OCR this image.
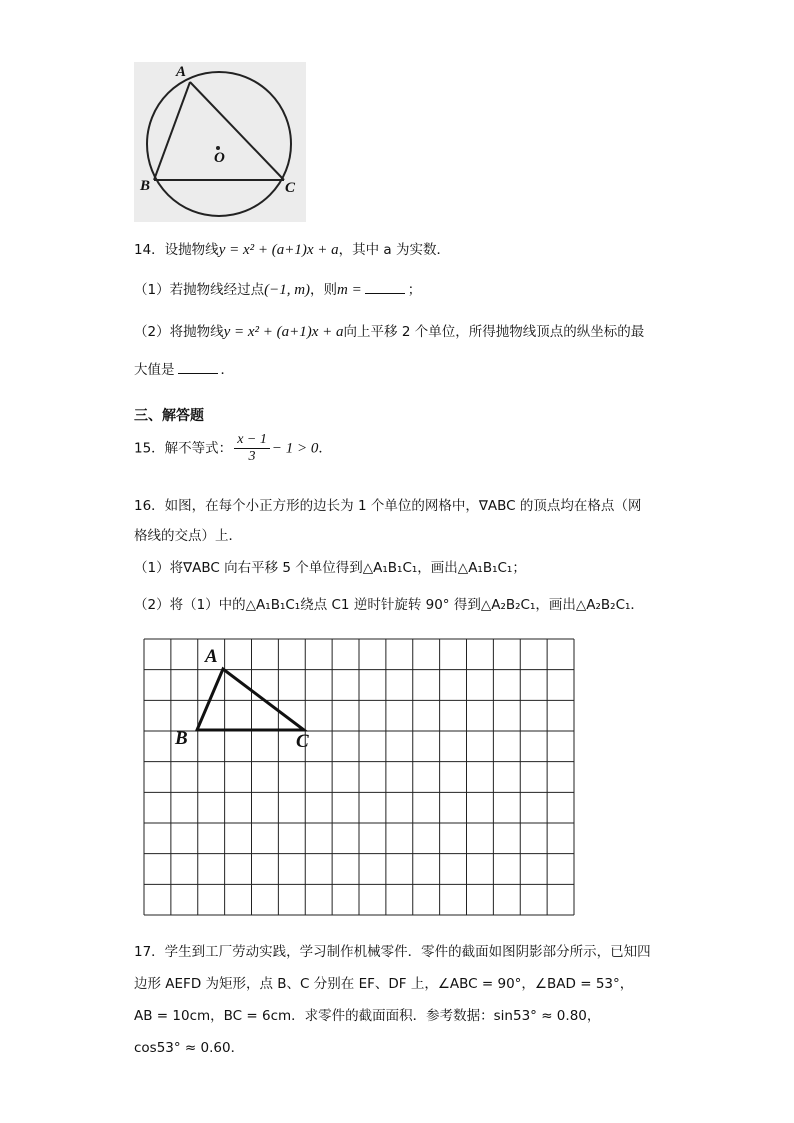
A
B	C
O
14．设抛物线y = x² + (a+1)x + a，其中 a 为实数．
（1）若抛物线经过点(−1, m)，则m =	；
（2）将抛物线y = x² + (a+1)x + a向上平移 2 个单位，所得抛物线顶点的纵坐标的最
大值是	．
三、解答题
15．解不等式： $\frac{x - 1}{3} - 1 > 0$．
16．如图，在每个小正方形的边长为 1 个单位的网格中，∇ABC 的顶点均在格点（网
格线的交点）上．
（1）将∇ABC 向右平移 5 个单位得到△A₁B₁C₁，画出△A₁B₁C₁；
（2）将（1）中的△A₁B₁C₁绕点 C1 逆时针旋转 90° 得到△A₂B₂C₁，画出△A₂B₂C₁．
A
B	C
17．学生到工厂劳动实践，学习制作机械零件．零件的截面如图阴影部分所示，已知四
边形 AEFD 为矩形，点 B、C 分别在 EF、DF 上，∠ABC = 90°，∠BAD = 53°，
AB = 10cm，BC = 6cm．求零件的截面面积．参考数据：sin53° ≈ 0.80，
cos53° ≈ 0.60．
